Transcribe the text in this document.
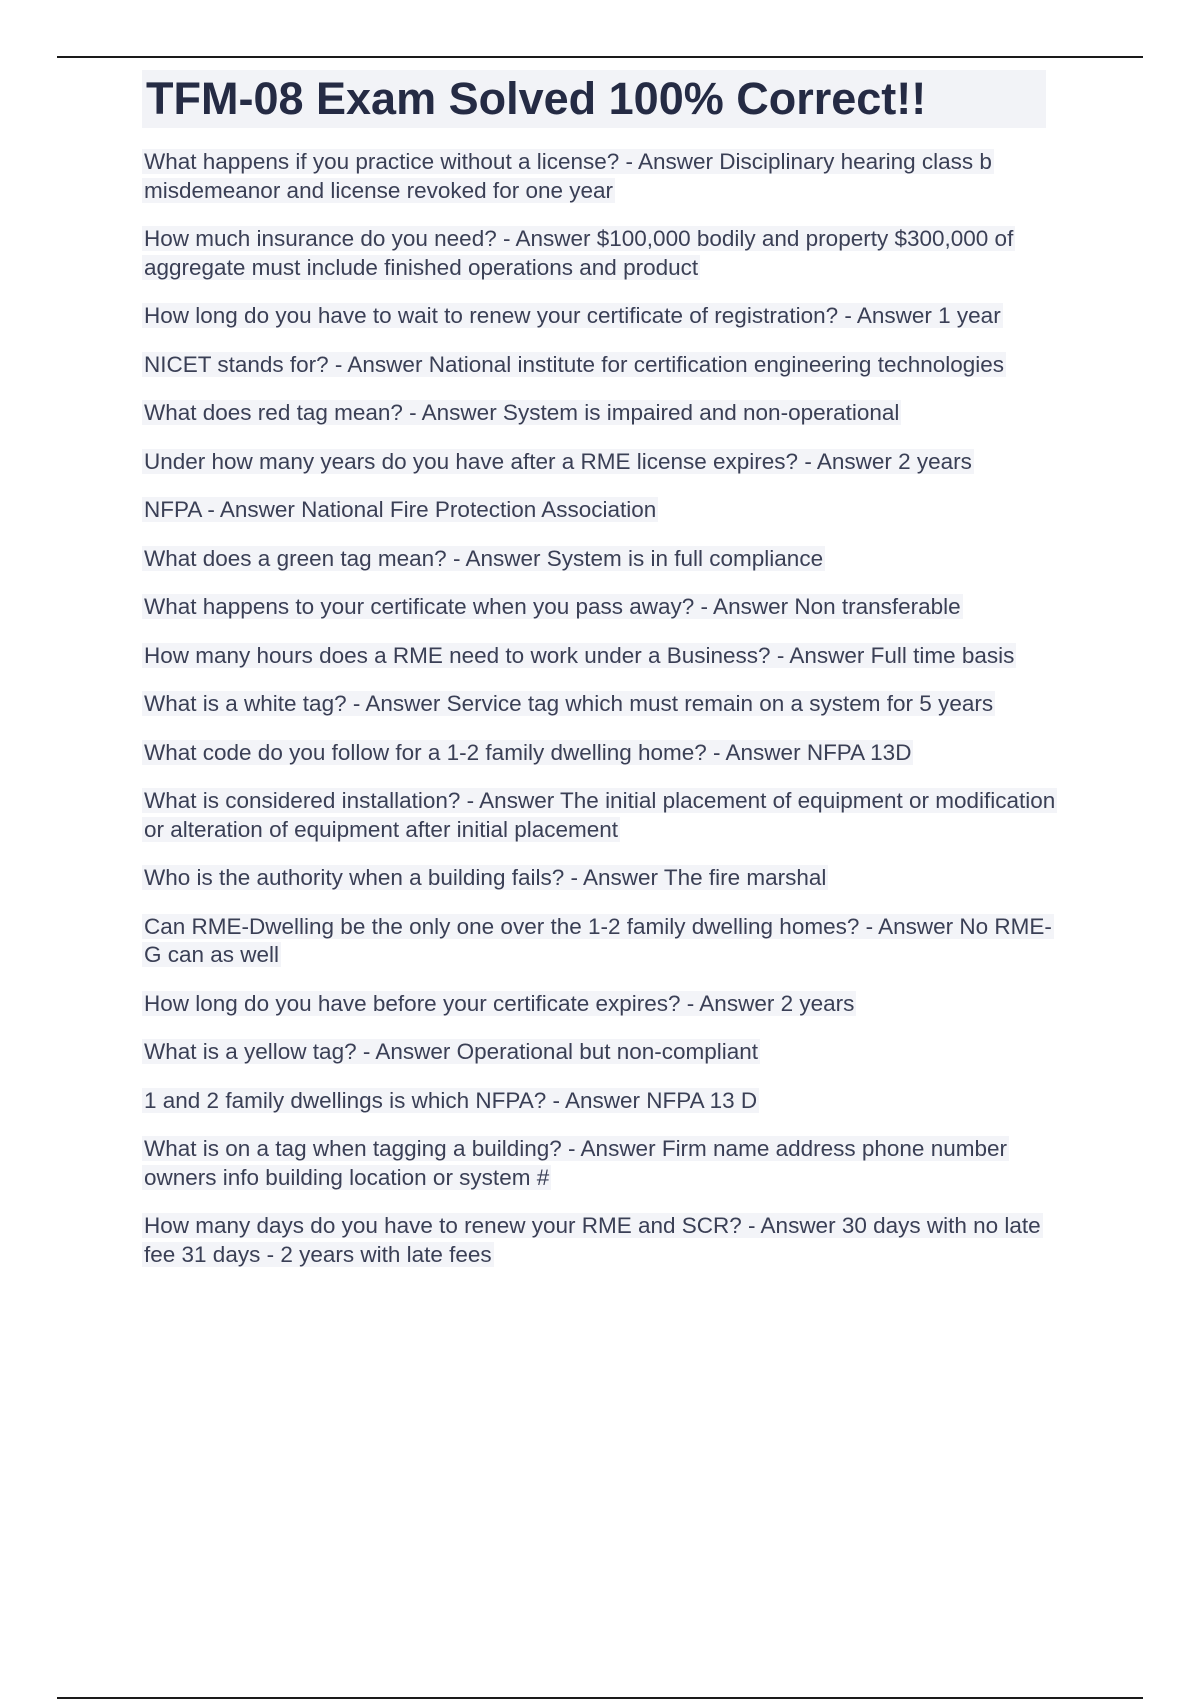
TFM-08 Exam Solved 100% Correct!!

What happens if you practice without a license? - Answer Disciplinary hearing class b misdemeanor and license revoked for one year

How much insurance do you need? - Answer $100,000 bodily and property $300,000 of aggregate must include finished operations and product

How long do you have to wait to renew your certificate of registration? - Answer 1 year

NICET stands for? - Answer National institute for certification engineering technologies

What does red tag mean? - Answer System is impaired and non-operational

Under how many years do you have after a RME license expires? - Answer 2 years

NFPA - Answer National Fire Protection Association

What does a green tag mean? - Answer System is in full compliance

What happens to your certificate when you pass away? - Answer Non transferable

How many hours does a RME need to work under a Business? - Answer Full time basis

What is a white tag? - Answer Service tag which must remain on a system for 5 years

What code do you follow for a 1-2 family dwelling home? - Answer NFPA 13D

What is considered installation? - Answer The initial placement of equipment or modification or alteration of equipment after initial placement

Who is the authority when a building fails? - Answer The fire marshal

Can RME-Dwelling be the only one over the 1-2 family dwelling homes? - Answer No RME-G can as well

How long do you have before your certificate expires? - Answer 2 years

What is a yellow tag? - Answer Operational but non-compliant

1 and 2 family dwellings is which NFPA? - Answer NFPA 13 D

What is on a tag when tagging a building? - Answer Firm name address phone number owners info building location or system #

How many days do you have to renew your RME and SCR? - Answer 30 days with no late fee 31 days - 2 years with late fees
